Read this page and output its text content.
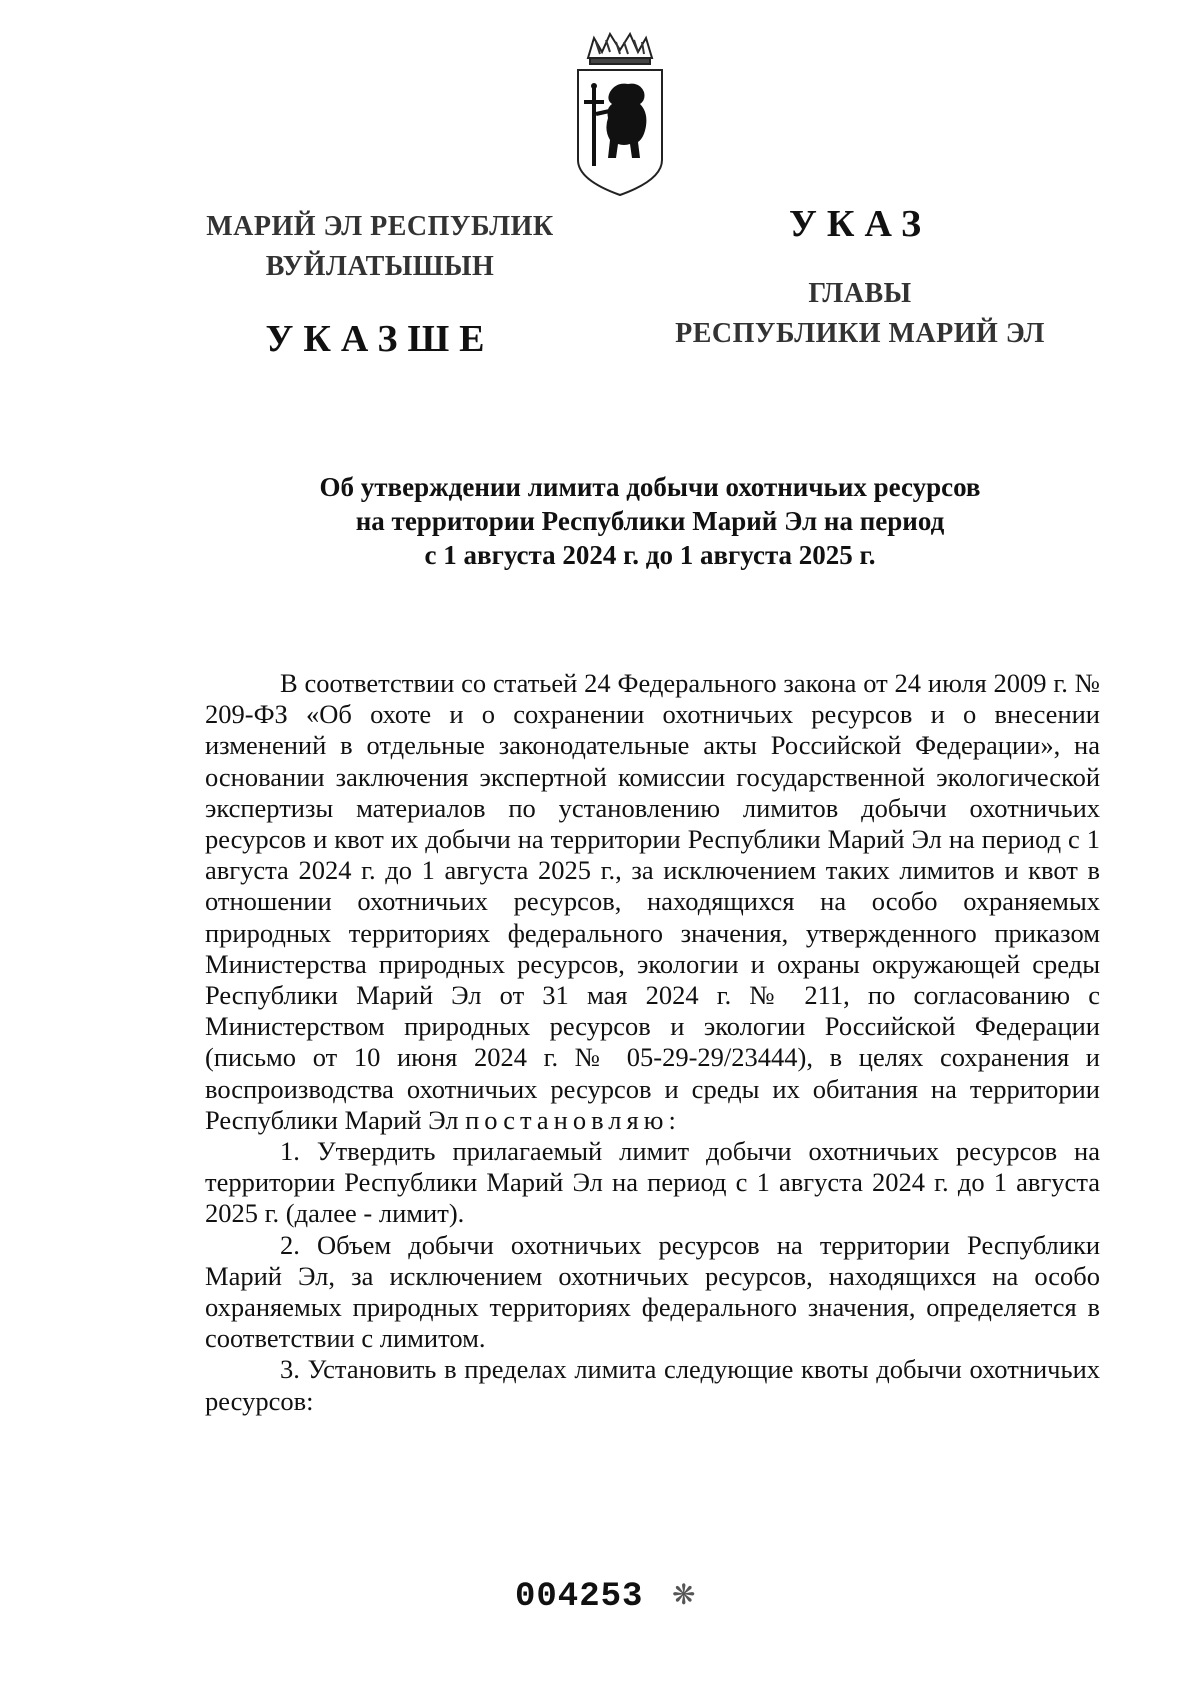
МАРИЙ ЭЛ РЕСПУБЛИК
ВУЙЛАТЫШЫН
УКАЗШЕ
УКАЗ
ГЛАВЫ
РЕСПУБЛИКИ МАРИЙ ЭЛ
Об утверждении лимита добычи охотничьих ресурсов
на территории Республики Марий Эл на период
с 1 августа 2024 г. до 1 августа 2025 г.

В соответствии со статьей 24 Федерального закона от 24 июля 2009 г. № 209-ФЗ «Об охоте и о сохранении охотничьих ресурсов и о внесении изменений в отдельные законодательные акты Российской Федерации», на основании заключения экспертной комиссии государственной экологической экспертизы материалов по установлению лимитов добычи охотничьих ресурсов и квот их добычи на территории Республики Марий Эл на период с 1 августа 2024 г. до 1 августа 2025 г., за исключением таких лимитов и квот в отношении охотничьих ресурсов, находящихся на особо охраняемых природных территориях федерального значения, утвержденного приказом Министерства природных ресурсов, экологии и охраны окружающей среды Республики Марий Эл от 31 мая 2024 г. № 211, по согласованию с Министерством природных ресурсов и экологии Российской Федерации (письмо от 10 июня 2024 г. № 05-29-29/23444), в целях сохранения и воспроизводства охотничьих ресурсов и среды их обитания на территории Республики Марий Эл постановляю:

1. Утвердить прилагаемый лимит добычи охотничьих ресурсов на территории Республики Марий Эл на период с 1 августа 2024 г. до 1 августа 2025 г. (далее - лимит).

2. Объем добычи охотничьих ресурсов на территории Республики Марий Эл, за исключением охотничьих ресурсов, находящихся на особо охраняемых природных территориях федерального значения, определяется в соответствии с лимитом.

3. Установить в пределах лимита следующие квоты добычи охотничьих ресурсов:

004253 ❋
